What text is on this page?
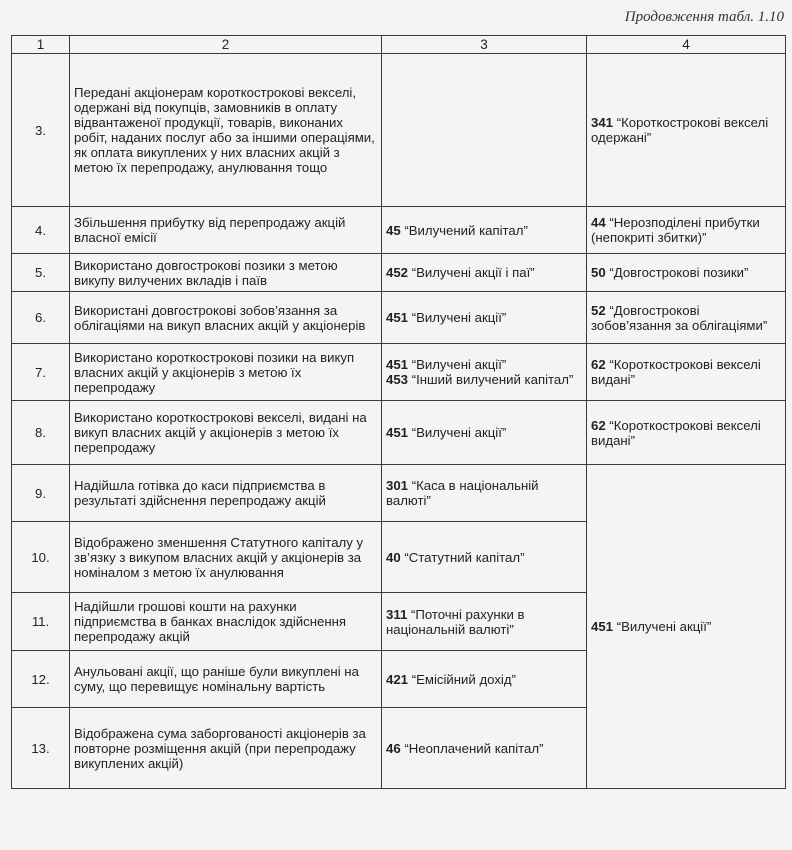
Продовження табл. 1.10
1	2	3	4
3.	Передані акціонерам короткострокові векселі, одержані від покупців, замовників в оплату відвантаженої продукції, товарів, виконаних робіт, наданих послуг або за іншими операціями, як оплата викуплених у них власних акцій з метою їх перепродажу, анулювання тощо		341 “Короткострокові векселі одержані”

4.	Збільшення прибутку від перепродажу акцій власної емісії	45 “Вилучений капітал”	44 “Нерозподілені прибутки (непокриті збитки)”

5.	Використано довгострокові позики з метою викупу вилучених вкладів і паїв	452 “Вилучені акції і паї”	50 “Довгострокові позики”

6.	Використані довгострокові зобов’язання за облігаціями на викуп власних акцій у акціонерів	451 “Вилучені акції”	52 “Довгострокові зобов’язання за облігаціями”

7.	Використано короткострокові позики на викуп власних акцій у акціонерів з метою їх перепродажу	451 “Вилучені акції”
453 “Інший вилучений капітал”	62 “Короткострокові векселі видані”

8.	Використано короткострокові векселі, видані на викуп власних акцій у акціонерів з метою їх перепродажу	451 “Вилучені акції”	62 “Короткострокові векселі видані”

9.	Надійшла готівка до каси підприємства в результаті здійснення перепродажу акцій	301 “Каса в національній валюті”	451 “Вилучені акції”

10.	Відображено зменшення Статутного капіталу у зв’язку з викупом власних акцій у акціонерів за номіналом з метою їх анулювання	40 “Статутний капітал”	

11.	Надійшли грошові кошти на рахунки підприємства в банках внаслідок здійснення перепродажу акцій	311 “Поточні рахунки в національній валюті”	

12.	Анульовані акції, що раніше були викуплені на суму, що перевищує номінальну вартість	421 “Емісійний дохід”	

13.	Відображена сума заборгованості акціонерів за повторне розміщення акцій (при перепродажу викуплених акцій)	46 “Неоплачений капітал”	
